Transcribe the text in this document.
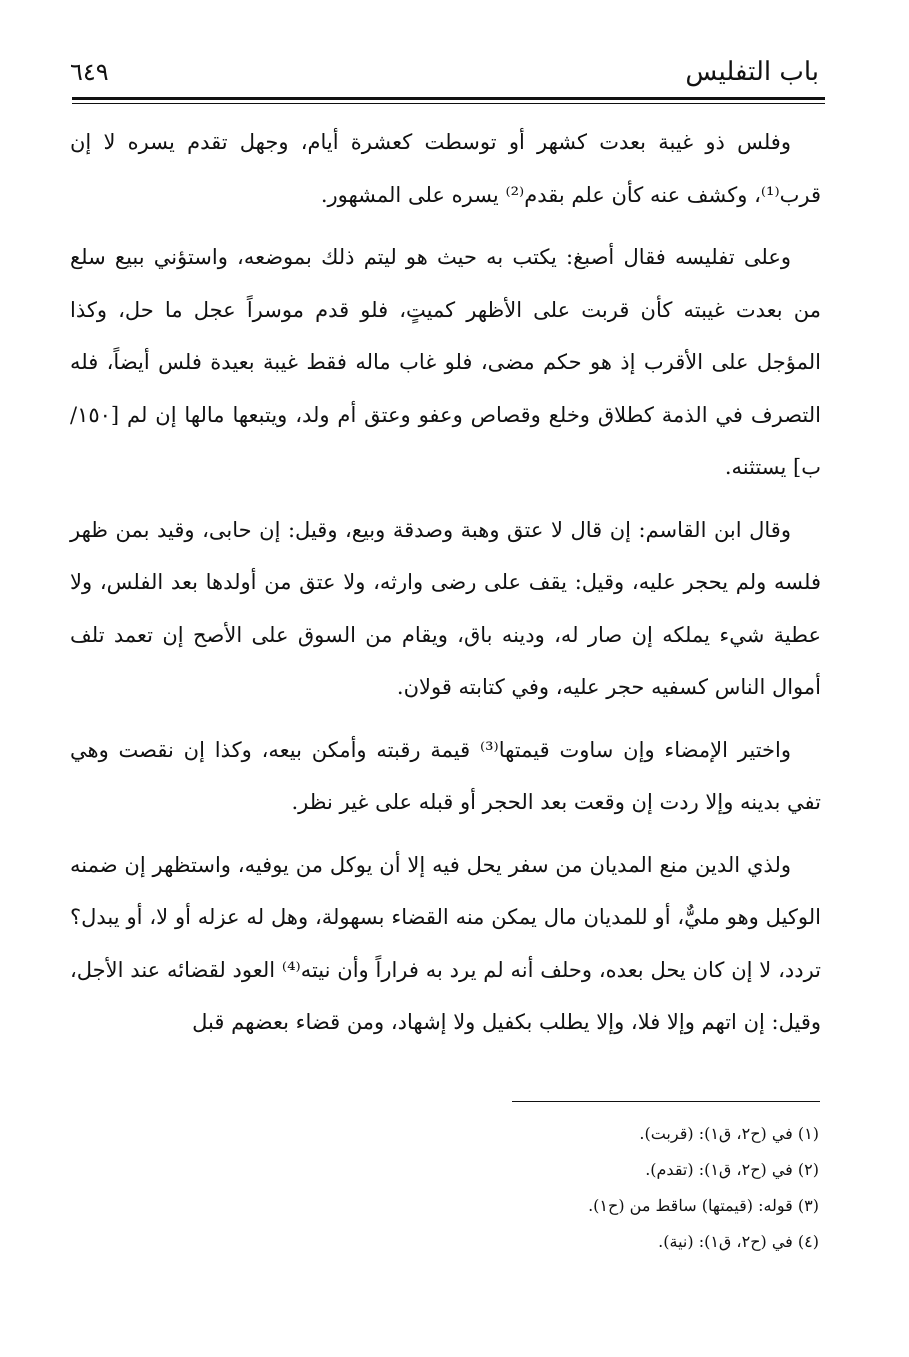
باب التفليس
٦٤٩

وفلس ذو غيبة بعدت كشهر أو توسطت كعشرة أيام، وجهل تقدم يسره لا إن قرب⁽¹⁾، وكشف عنه كأن علم بقدم⁽²⁾ يسره على المشهور.

وعلى تفليسه فقال أصبغ: يكتب به حيث هو ليتم ذلك بموضعه، واستؤني ببيع سلع من بعدت غيبته كأن قربت على الأظهر كميتٍ، فلو قدم موسراً عجل ما حل، وكذا المؤجل على الأقرب إذ هو حكم مضى، فلو غاب ماله فقط غيبة بعيدة فلس أيضاً، فله التصرف في الذمة كطلاق وخلع وقصاص وعفو وعتق أم ولد، ويتبعها مالها إن لم [١٥٠/ ب] يستثنه.

وقال ابن القاسم: إن قال لا عتق وهبة وصدقة وبيع، وقيل: إن حابى، وقيد بمن ظهر فلسه ولم يحجر عليه، وقيل: يقف على رضى وارثه، ولا عتق من أولدها بعد الفلس، ولا عطية شيء يملكه إن صار له، ودينه باق، ويقام من السوق على الأصح إن تعمد تلف أموال الناس كسفيه حجر عليه، وفي كتابته قولان.

واختير الإمضاء وإن ساوت قيمتها⁽³⁾ قيمة رقبته وأمكن بيعه، وكذا إن نقصت وهي تفي بدينه وإلا ردت إن وقعت بعد الحجر أو قبله على غير نظر.

ولذي الدين منع المديان من سفر يحل فيه إلا أن يوكل من يوفيه، واستظهر إن ضمنه الوكيل وهو مليٌّ، أو للمديان مال يمكن منه القضاء بسهولة، وهل له عزله أو لا، أو يبدل؟ تردد، لا إن كان يحل بعده، وحلف أنه لم يرد به فراراً وأن نيته⁽⁴⁾ العود لقضائه عند الأجل، وقيل: إن اتهم وإلا فلا، وإلا يطلب بكفيل ولا إشهاد، ومن قضاء بعضهم قبل

(١) في (ح٢، ق١): (قربت).

(٢) في (ح٢، ق١): (تقدم).

(٣) قوله: (قيمتها) ساقط من (ح١).

(٤) في (ح٢، ق١): (نية).
